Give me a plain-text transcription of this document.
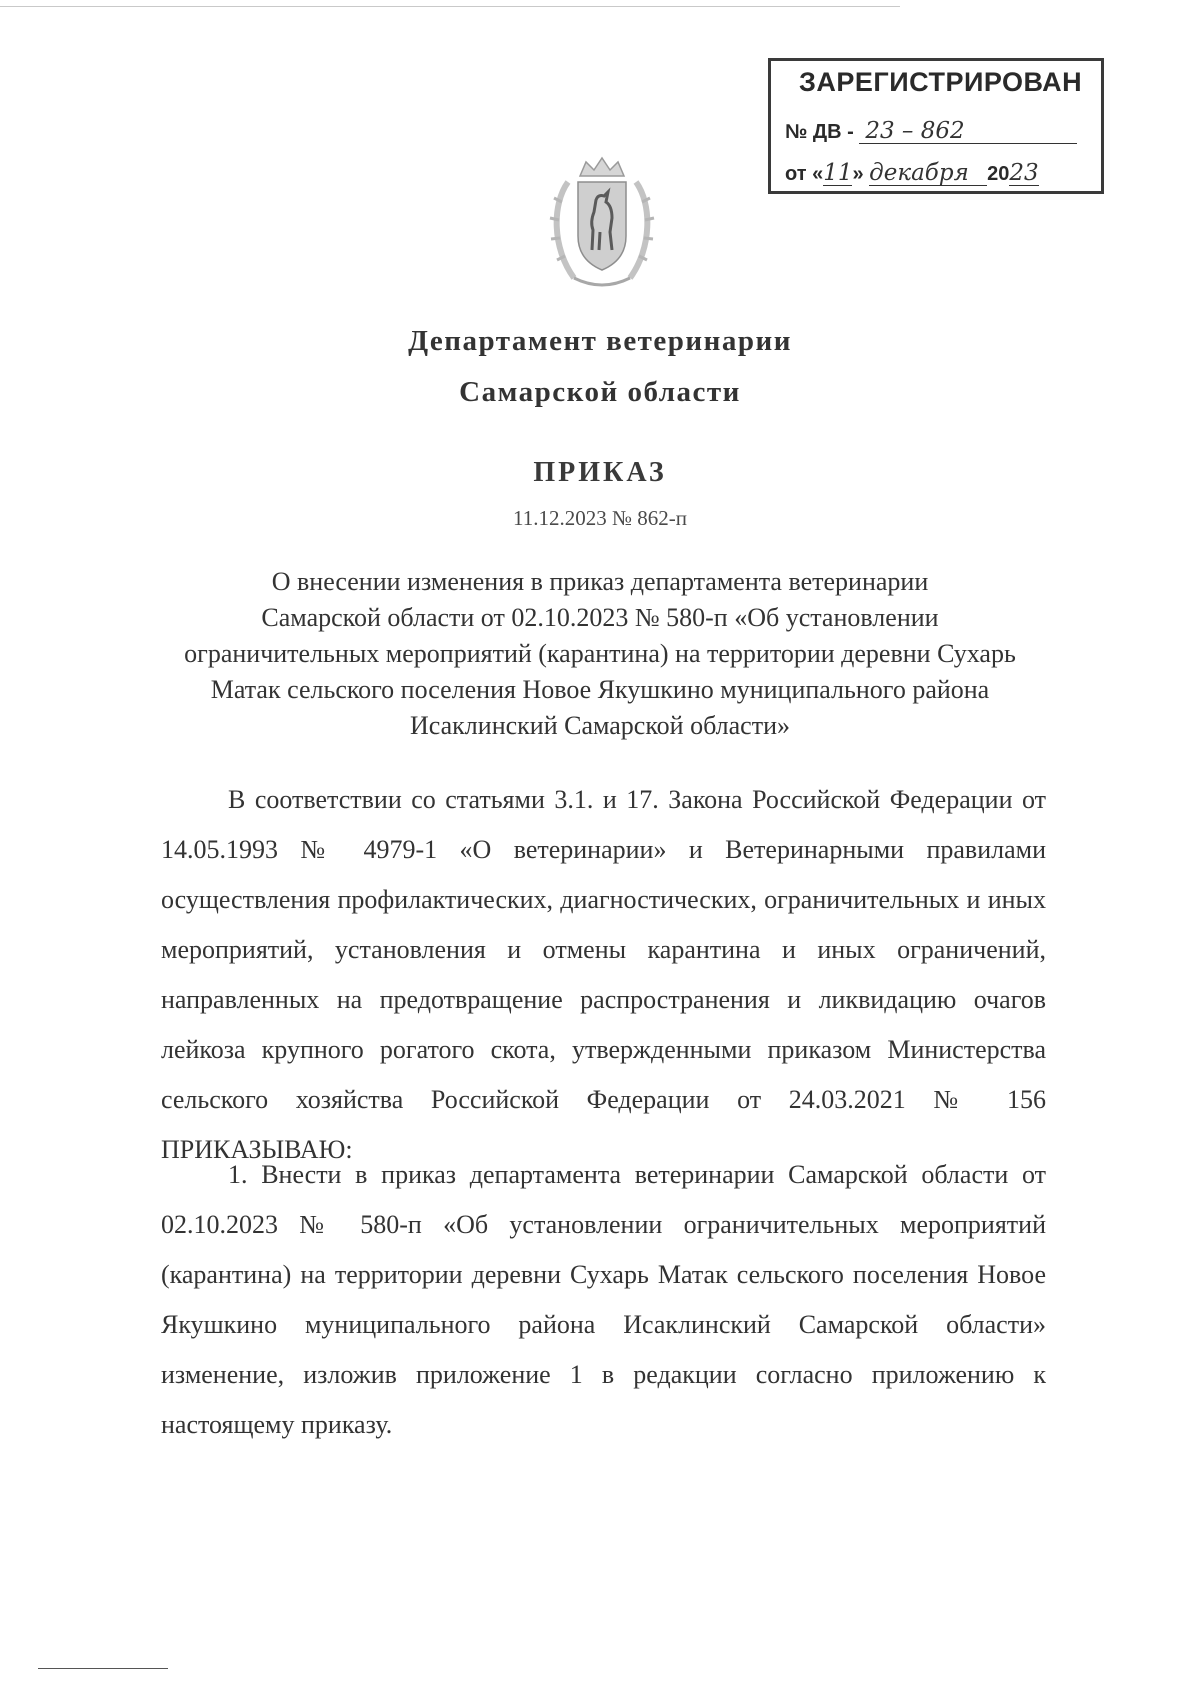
ЗАРЕГИСТРИРОВАН
№ ДВ - 23 – 862
от «11» декабря 2023
Департамент ветеринарии
Самарской области
ПРИКАЗ
11.12.2023 № 862-п
О внесении изменения в приказ департамента ветеринарии
Самарской области от 02.10.2023 № 580-п «Об установлении
ограничительных мероприятий (карантина) на территории деревни Сухарь
Матак сельского поселения Новое Якушкино муниципального района
Исаклинский Самарской области»

В соответствии со статьями 3.1. и 17. Закона Российской Федерации от 14.05.1993 № 4979-1 «О ветеринарии» и Ветеринарными правилами осуществления профилактических, диагностических, ограничительных и иных мероприятий, установления и отмены карантина и иных ограничений, направленных на предотвращение распространения и ликвидацию очагов лейкоза крупного рогатого скота, утвержденными приказом Министерства сельского хозяйства Российской Федерации от 24.03.2021 № 156 ПРИКАЗЫВАЮ:

1. Внести в приказ департамента ветеринарии Самарской области от 02.10.2023 № 580-п «Об установлении ограничительных мероприятий (карантина) на территории деревни Сухарь Матак сельского поселения Новое Якушкино муниципального района Исаклинский Самарской области» изменение, изложив приложение 1 в редакции согласно приложению к настоящему приказу.
